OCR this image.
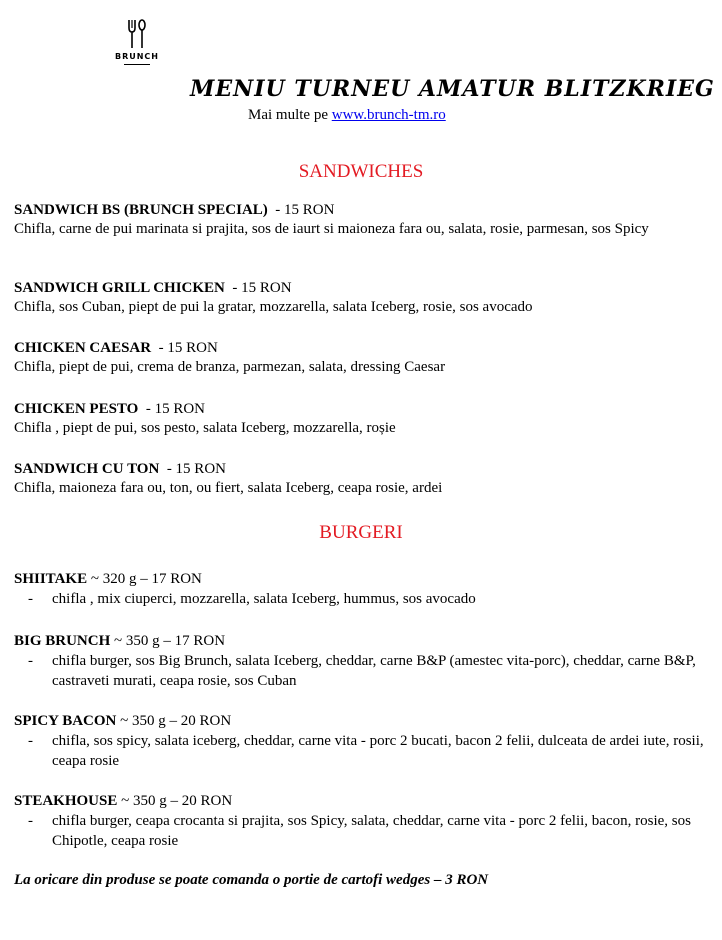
BRUNCH
MENIU TURNEU AMATUR BLITZKRIEG
Mai multe pe www.brunch-tm.ro
SANDWICHES
SANDWICH BS (BRUNCH SPECIAL) - 15 RON
Chifla, carne de pui marinata si prajita, sos de iaurt si maioneza fara ou, salata, rosie, parmesan, sos Spicy
SANDWICH GRILL CHICKEN - 15 RON
Chifla, sos Cuban, piept de pui la gratar, mozzarella, salata Iceberg, rosie, sos avocado
CHICKEN CAESAR - 15 RON
Chifla, piept de pui, crema de branza, parmezan, salata, dressing Caesar
CHICKEN PESTO - 15 RON
Chifla , piept de pui, sos pesto, salata Iceberg, mozzarella, roșie
SANDWICH CU TON - 15 RON
Chifla, maioneza fara ou, ton, ou fiert, salata Iceberg, ceapa rosie, ardei
BURGERI
SHIITAKE ~ 320 g – 17 RON
- chifla , mix ciuperci, mozzarella, salata Iceberg, hummus, sos avocado
BIG BRUNCH ~ 350 g – 17 RON
- chifla burger, sos Big Brunch, salata Iceberg, cheddar, carne B&P (amestec vita-porc), cheddar, carne B&P, castraveti murati, ceapa rosie, sos Cuban
SPICY BACON ~ 350 g – 20 RON
- chifla, sos spicy, salata iceberg, cheddar, carne vita - porc 2 bucati, bacon 2 felii, dulceata de ardei iute, rosii, ceapa rosie
STEAKHOUSE ~ 350 g – 20 RON
- chifla burger, ceapa crocanta si prajita, sos Spicy, salata, cheddar, carne vita - porc 2 felii, bacon, rosie, sos Chipotle, ceapa rosie
La oricare din produse se poate comanda o portie de cartofi wedges – 3 RON
